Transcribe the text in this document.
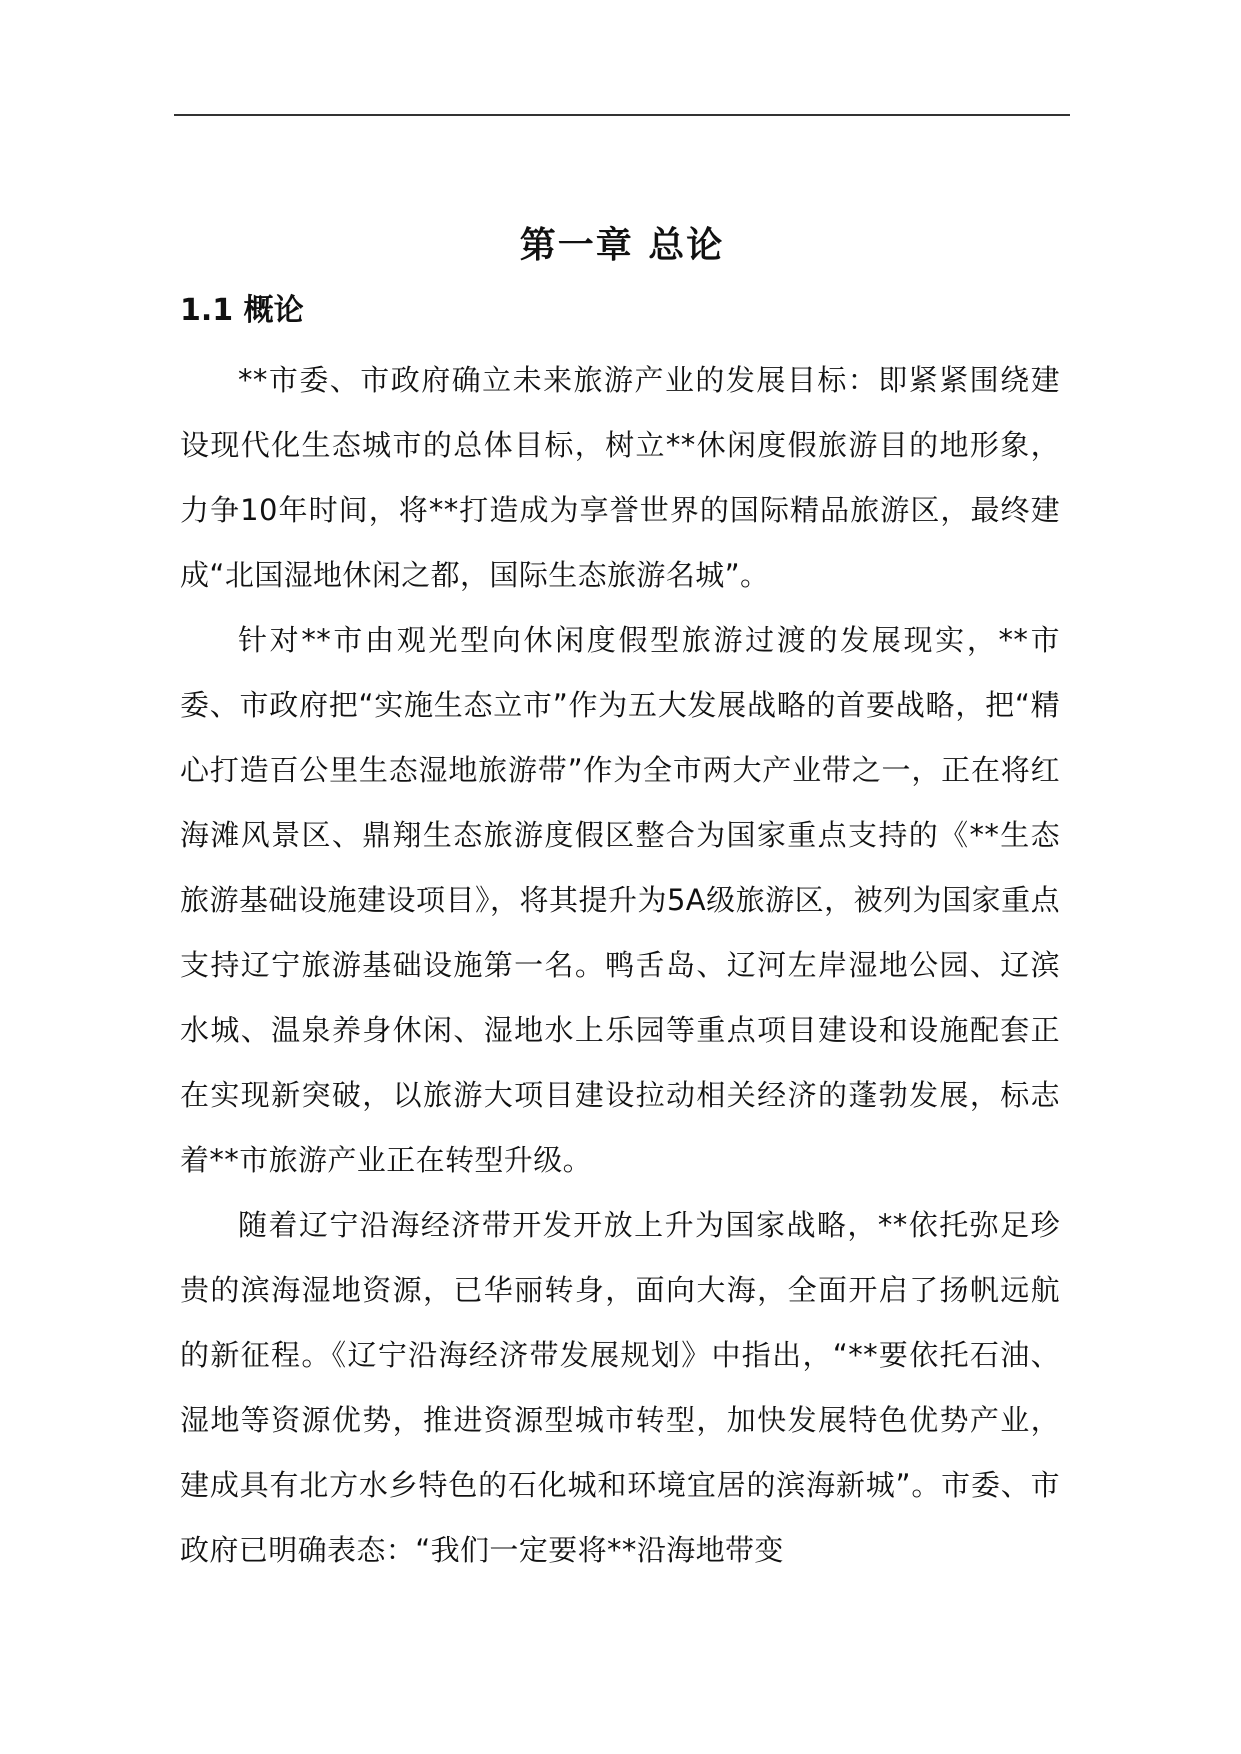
第一章 总论
1.1 概论

**市委、市政府确立未来旅游产业的发展目标：即紧紧围绕建设现代化生态城市的总体目标，树立**休闲度假旅游目的地形象，力争10年时间，将**打造成为享誉世界的国际精品旅游区，最终建成“北国湿地休闲之都，国际生态旅游名城”。

针对**市由观光型向休闲度假型旅游过渡的发展现实，**市委、市政府把“实施生态立市”作为五大发展战略的首要战略，把“精心打造百公里生态湿地旅游带”作为全市两大产业带之一，正在将红海滩风景区、鼎翔生态旅游度假区整合为国家重点支持的《**生态旅游基础设施建设项目》，将其提升为5A级旅游区，被列为国家重点支持辽宁旅游基础设施第一名。鸭舌岛、辽河左岸湿地公园、辽滨水城、温泉养身休闲、湿地水上乐园等重点项目建设和设施配套正在实现新突破，以旅游大项目建设拉动相关经济的蓬勃发展，标志着**市旅游产业正在转型升级。

随着辽宁沿海经济带开发开放上升为国家战略，**依托弥足珍贵的滨海湿地资源，已华丽转身，面向大海，全面开启了扬帆远航的新征程。《辽宁沿海经济带发展规划》中指出，“**要依托石油、湿地等资源优势，推进资源型城市转型，加快发展特色优势产业，建成具有北方水乡特色的石化城和环境宜居的滨海新城”。市委、市政府已明确表态：“我们一定要将**沿海地带变
